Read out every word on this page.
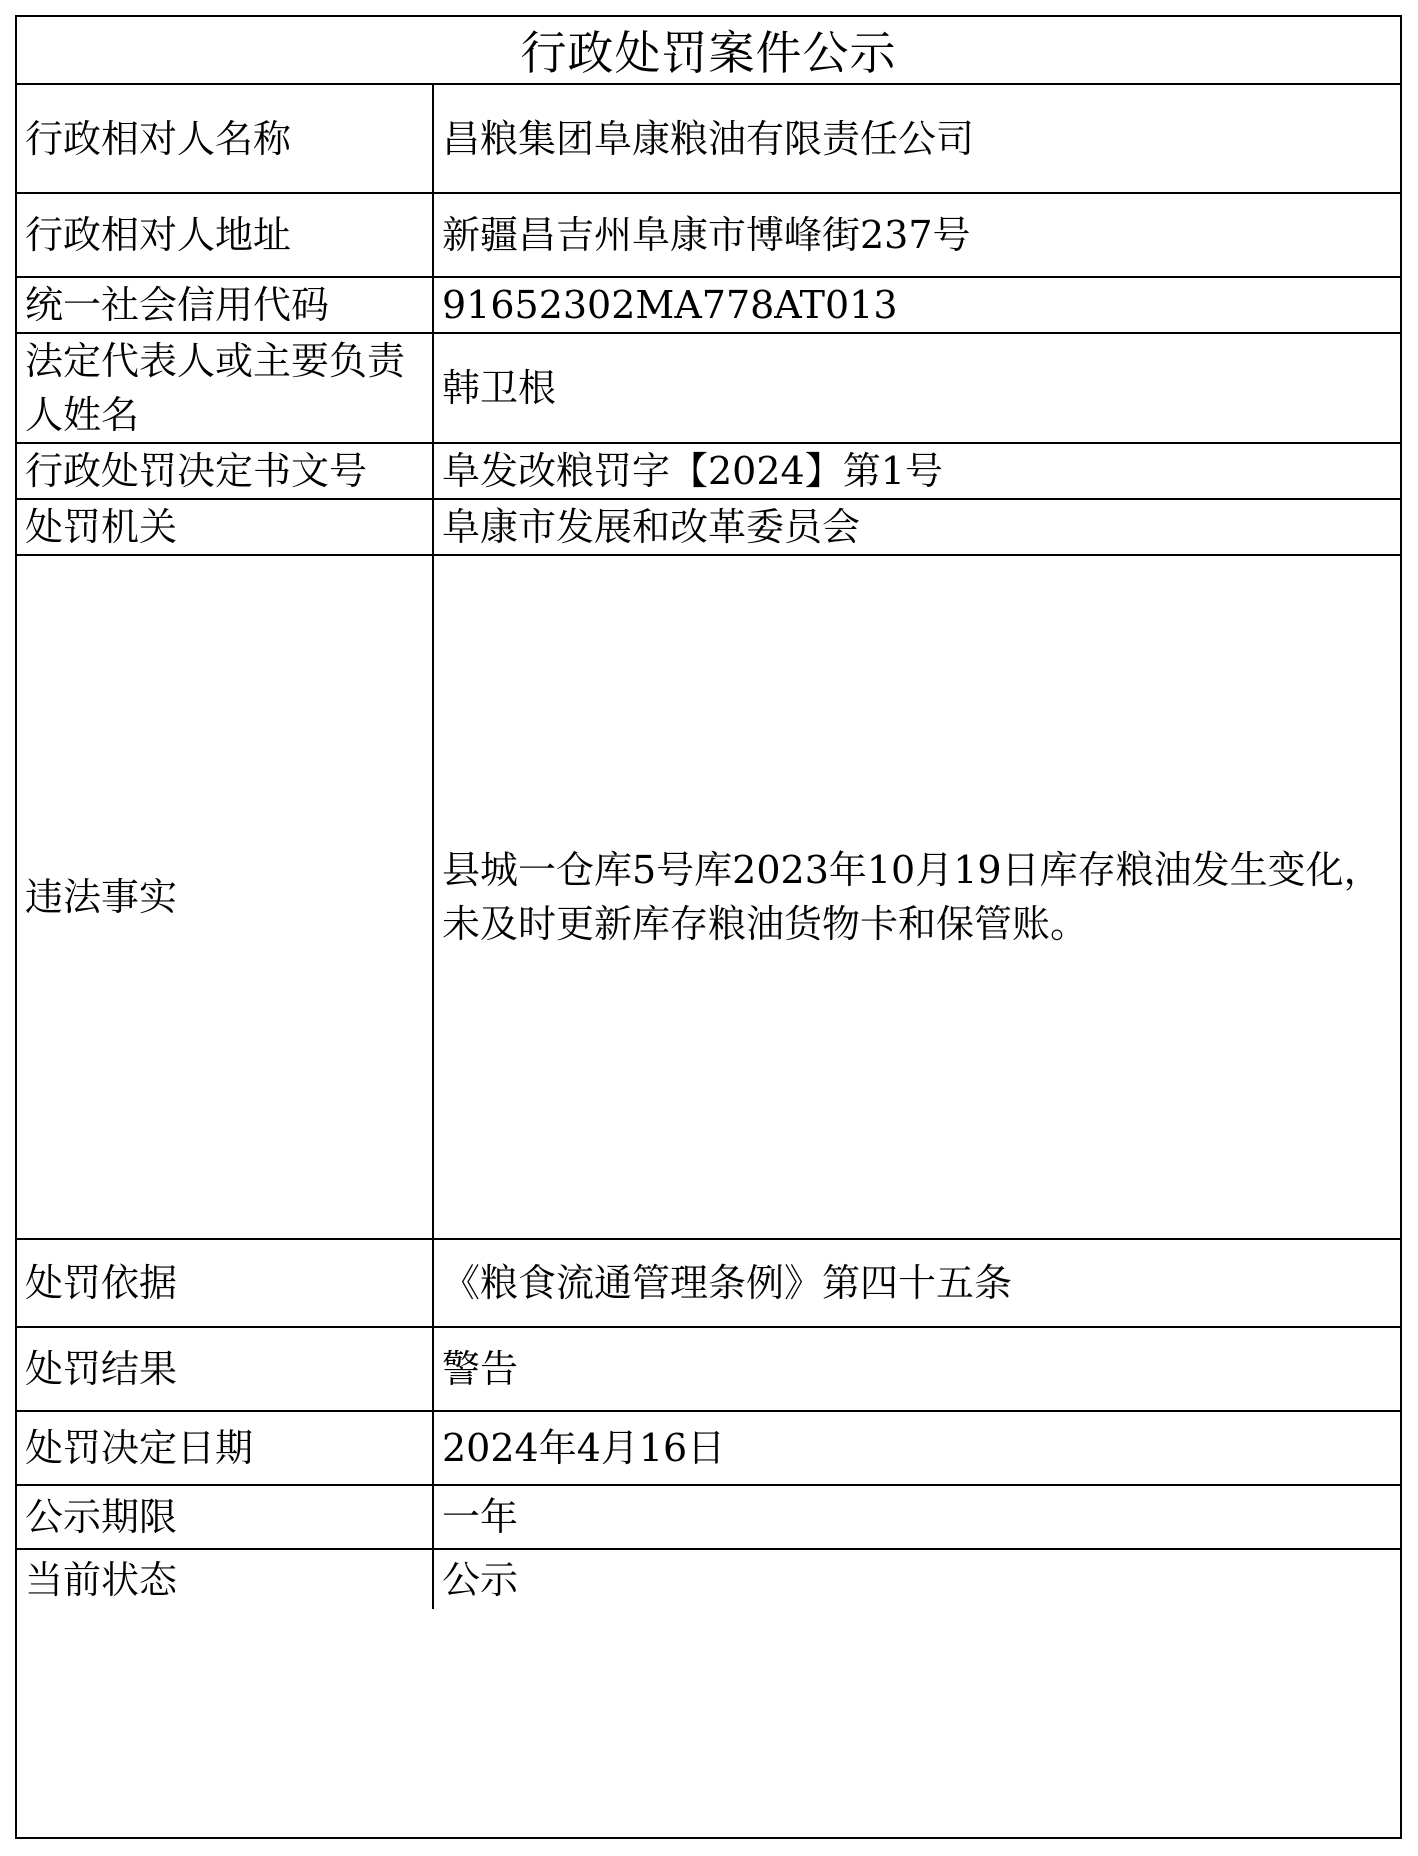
行政处罚案件公示
行政相对人名称	昌粮集团阜康粮油有限责任公司
行政相对人地址	新疆昌吉州阜康市博峰街237号
统一社会信用代码	91652302MA778AT013
法定代表人或主要负责人姓名	韩卫根
行政处罚决定书文号	阜发改粮罚字【2024】第1号
处罚机关	阜康市发展和改革委员会
违法事实	县城一仓库5号库2023年10月19日库存粮油发生变化，未及时更新库存粮油货物卡和保管账。
处罚依据	《粮食流通管理条例》第四十五条
处罚结果	警告
处罚决定日期	2024年4月16日
公示期限	一年
当前状态	公示
